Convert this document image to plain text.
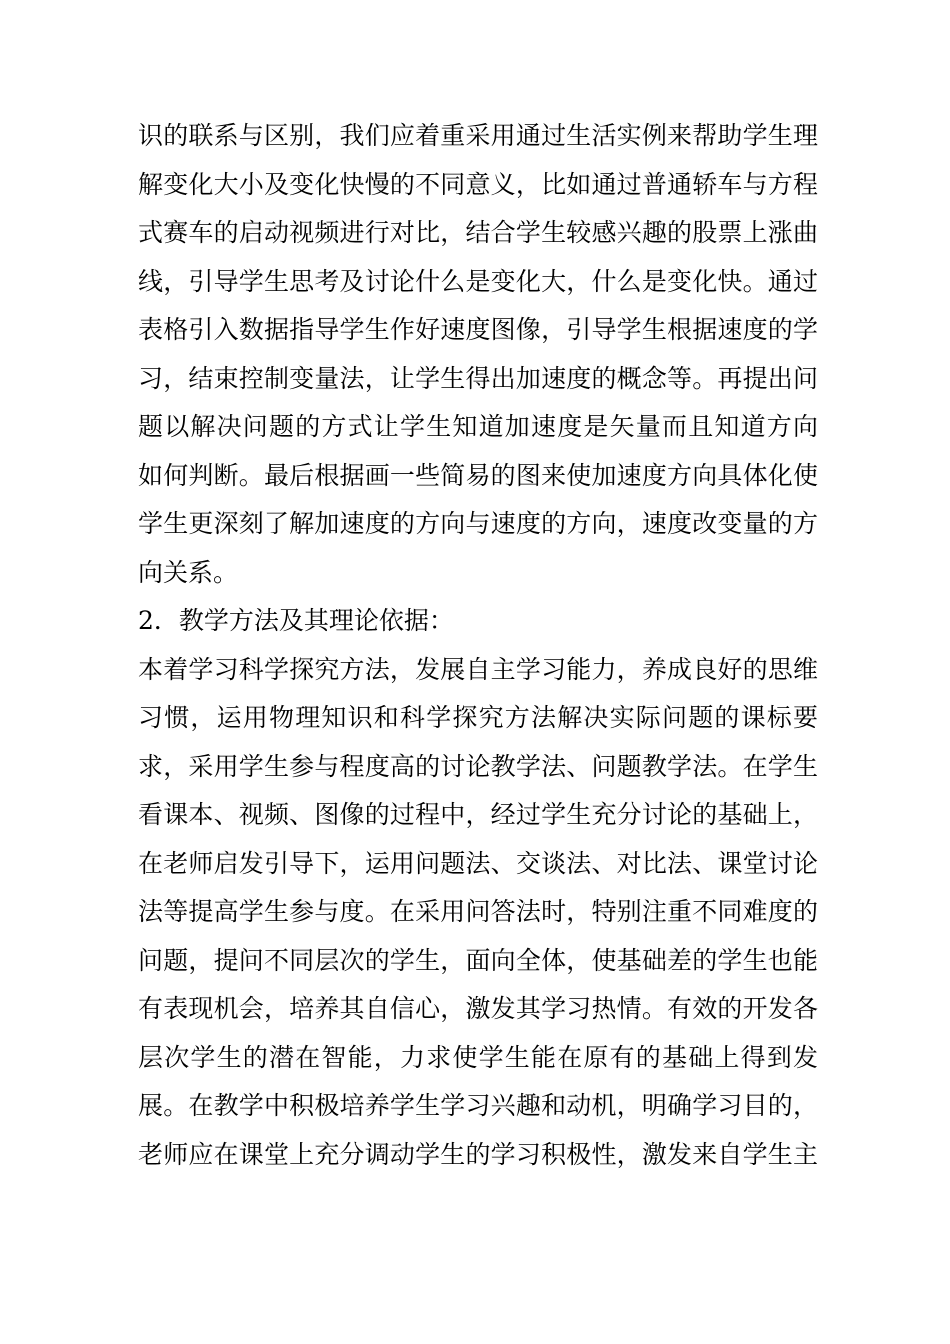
识的联系与区别，我们应着重采用通过生活实例来帮助学生理
解变化大小及变化快慢的不同意义，比如通过普通轿车与方程
式赛车的启动视频进行对比，结合学生较感兴趣的股票上涨曲
线，引导学生思考及讨论什么是变化大，什么是变化快。通过
表格引入数据指导学生作好速度图像，引导学生根据速度的学
习，结束控制变量法，让学生得出加速度的概念等。再提出问
题以解决问题的方式让学生知道加速度是矢量而且知道方向
如何判断。最后根据画一些简易的图来使加速度方向具体化使
学生更深刻了解加速度的方向与速度的方向，速度改变量的方
向关系。
2．教学方法及其理论依据：
本着学习科学探究方法，发展自主学习能力，养成良好的思维
习惯，运用物理知识和科学探究方法解决实际问题的课标要
求，采用学生参与程度高的讨论教学法、问题教学法。在学生
看课本、视频、图像的过程中，经过学生充分讨论的基础上，
在老师启发引导下，运用问题法、交谈法、对比法、课堂讨论
法等提高学生参与度。在采用问答法时，特别注重不同难度的
问题，提问不同层次的学生，面向全体，使基础差的学生也能
有表现机会，培养其自信心，激发其学习热情。有效的开发各
层次学生的潜在智能，力求使学生能在原有的基础上得到发
展。在教学中积极培养学生学习兴趣和动机，明确学习目的，
老师应在课堂上充分调动学生的学习积极性，激发来自学生主
